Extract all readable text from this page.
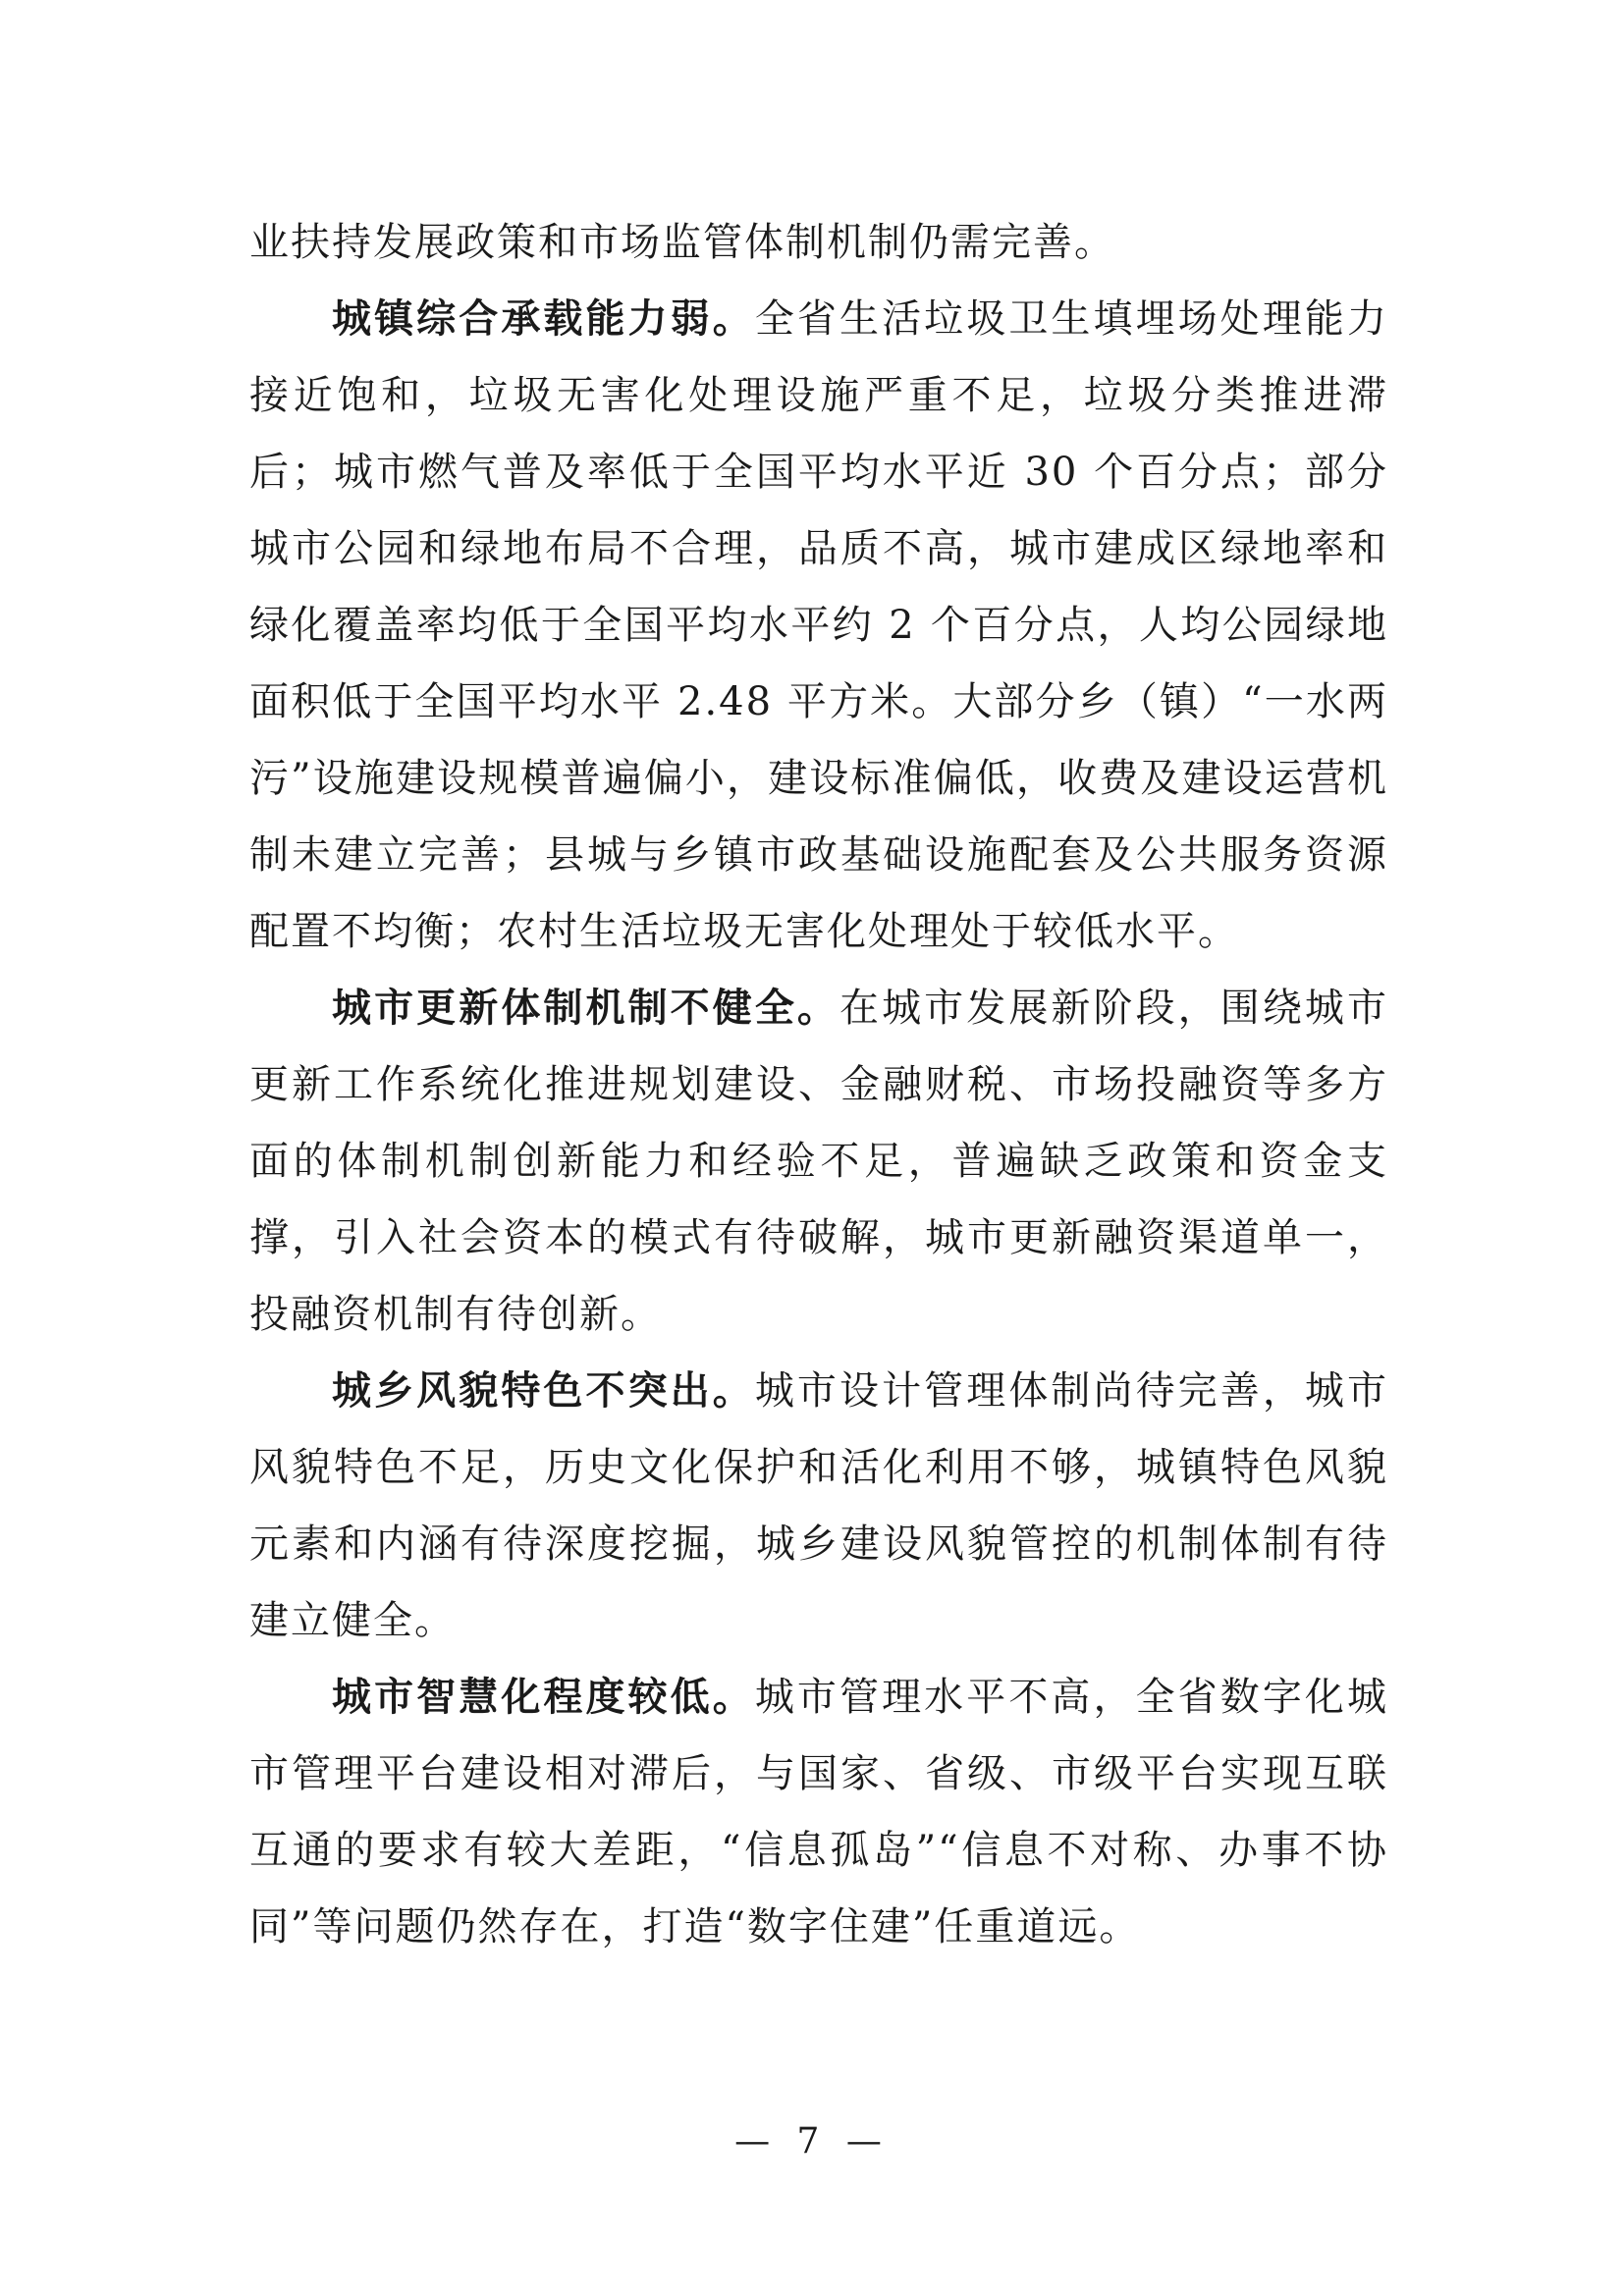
业扶持发展政策和市场监管体制机制仍需完善。

城镇综合承载能力弱。全省生活垃圾卫生填埋场处理能力接近饱和，垃圾无害化处理设施严重不足，垃圾分类推进滞后；城市燃气普及率低于全国平均水平近 30 个百分点；部分城市公园和绿地布局不合理，品质不高，城市建成区绿地率和绿化覆盖率均低于全国平均水平约 2 个百分点，人均公园绿地面积低于全国平均水平 2.48 平方米。大部分乡（镇）“一水两污”设施建设规模普遍偏小，建设标准偏低，收费及建设运营机制未建立完善；县城与乡镇市政基础设施配套及公共服务资源配置不均衡；农村生活垃圾无害化处理处于较低水平。

城市更新体制机制不健全。在城市发展新阶段，围绕城市更新工作系统化推进规划建设、金融财税、市场投融资等多方面的体制机制创新能力和经验不足，普遍缺乏政策和资金支撑，引入社会资本的模式有待破解，城市更新融资渠道单一，投融资机制有待创新。

城乡风貌特色不突出。城市设计管理体制尚待完善，城市风貌特色不足，历史文化保护和活化利用不够，城镇特色风貌元素和内涵有待深度挖掘，城乡建设风貌管控的机制体制有待建立健全。

城市智慧化程度较低。城市管理水平不高，全省数字化城市管理平台建设相对滞后，与国家、省级、市级平台实现互联互通的要求有较大差距，“信息孤岛”“信息不对称、办事不协同”等问题仍然存在，打造“数字住建”任重道远。

— 7 —
